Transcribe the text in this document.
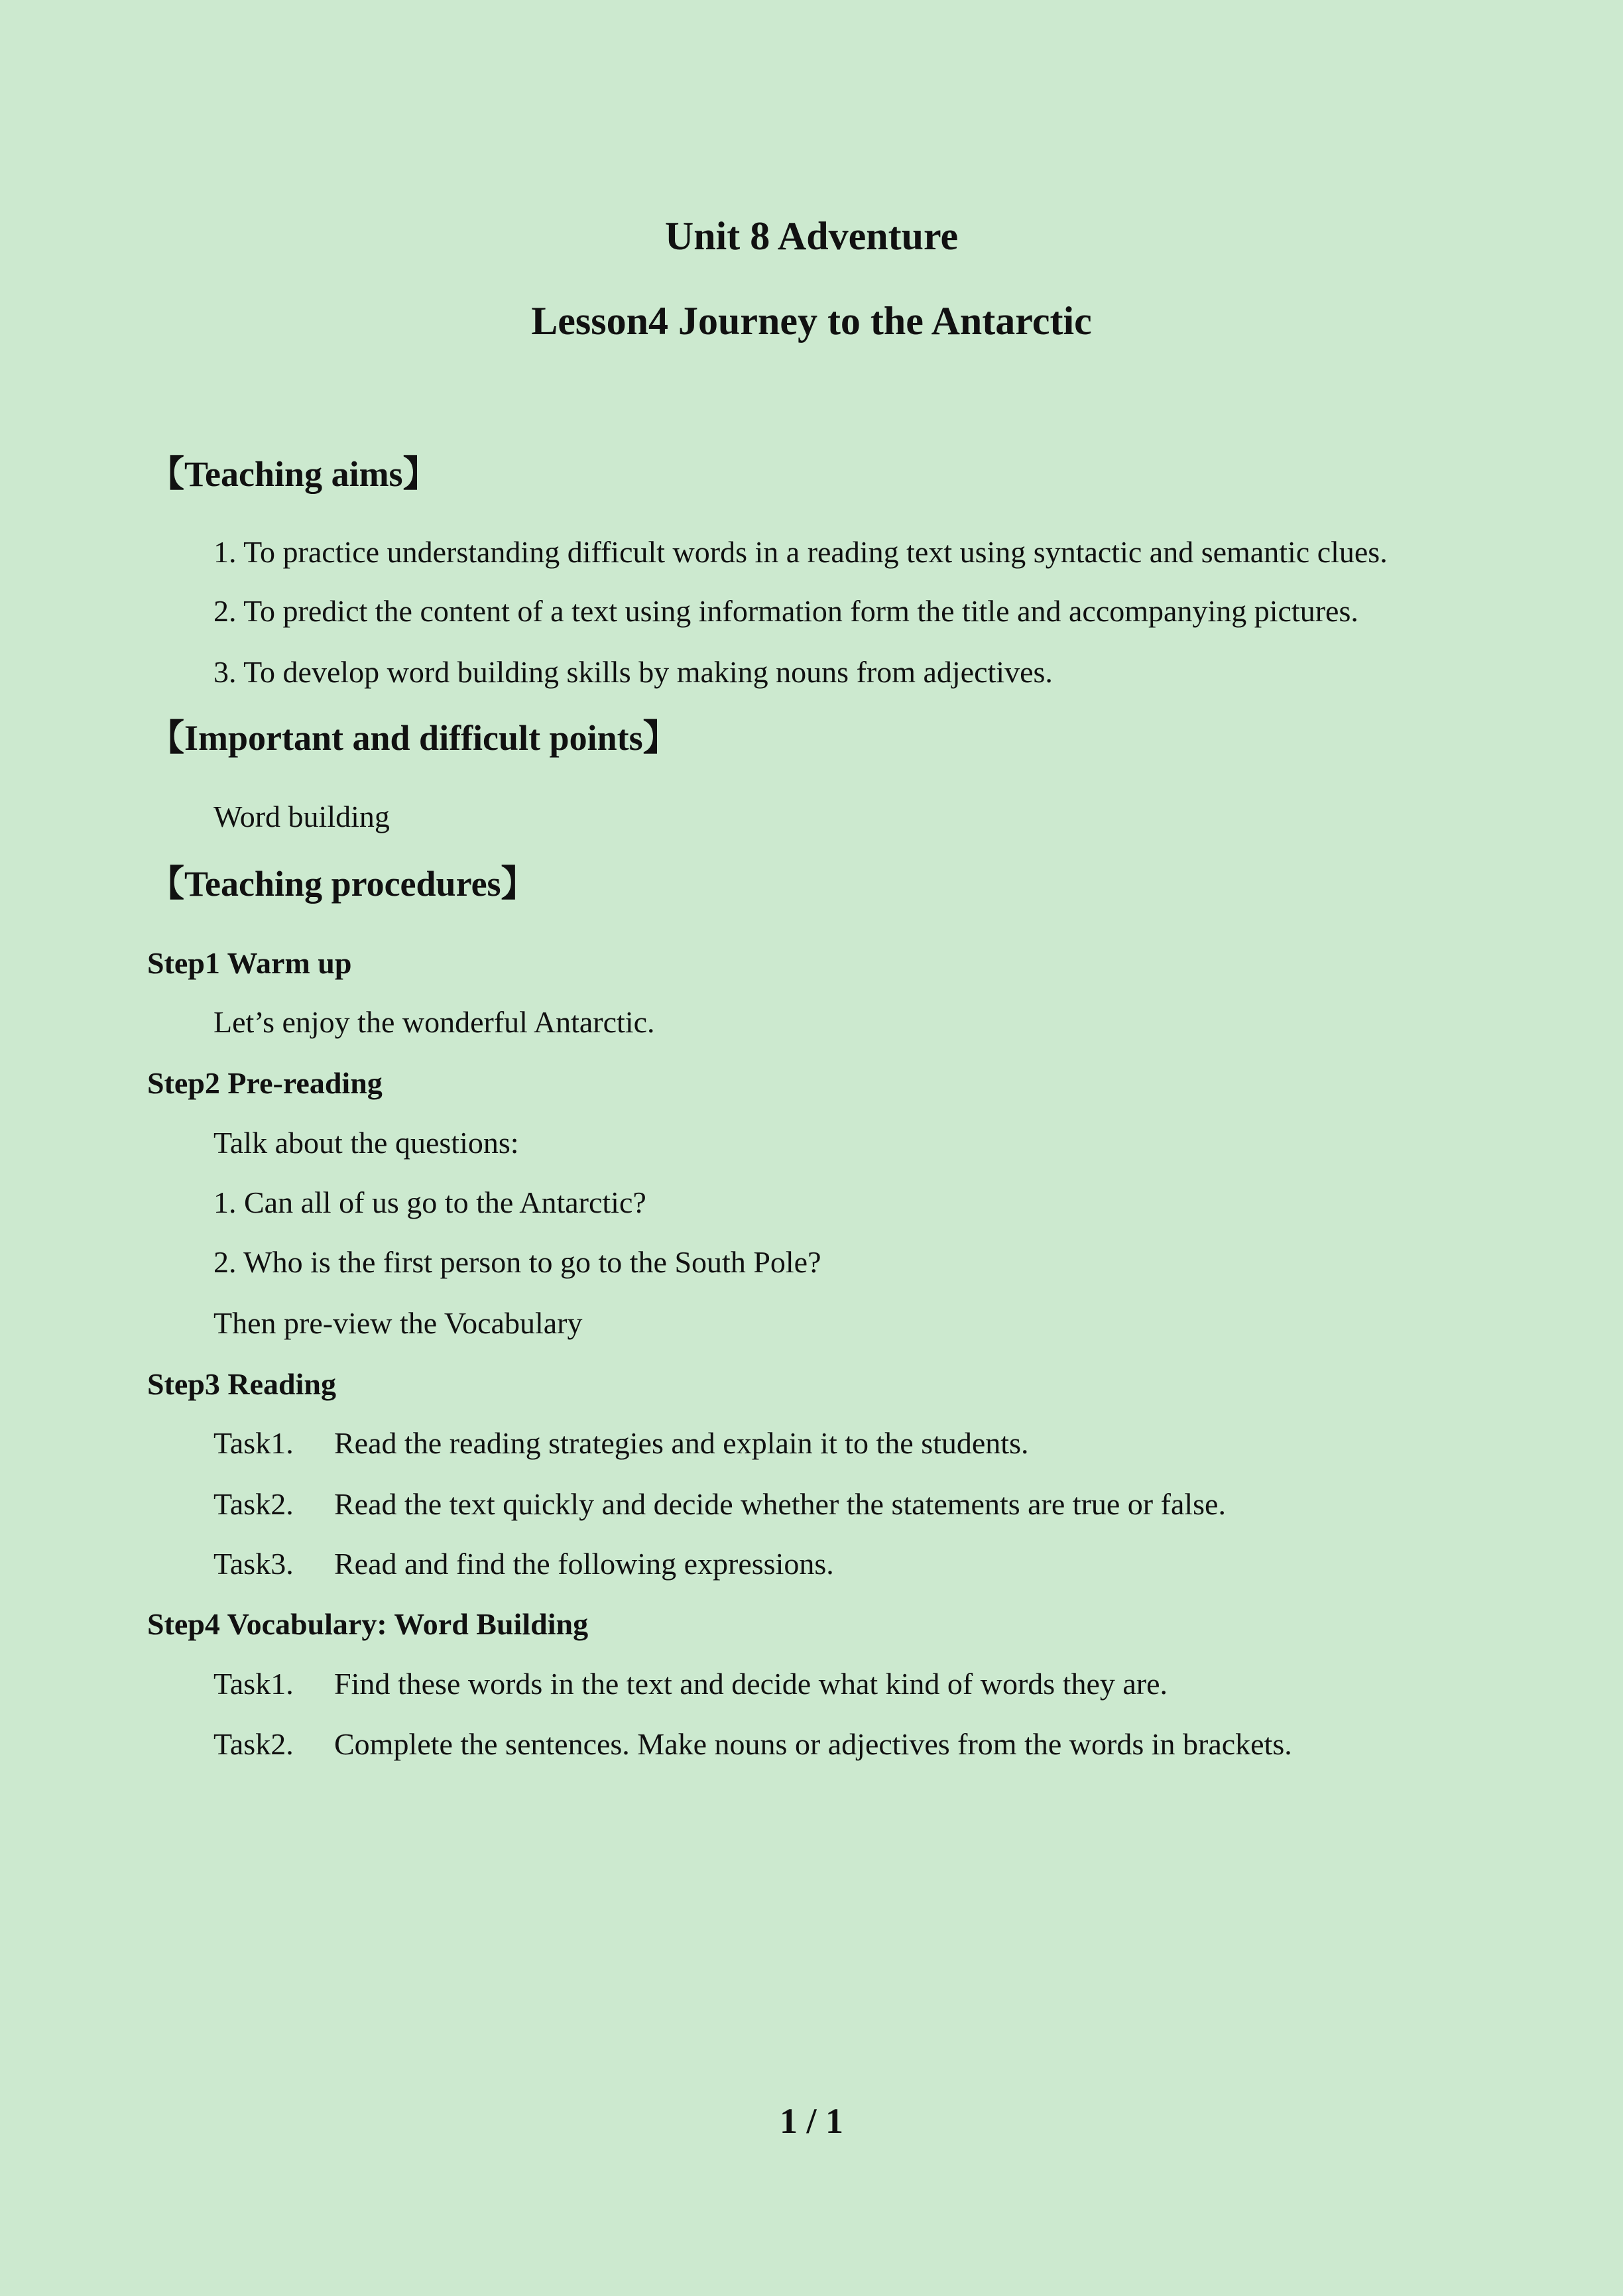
Unit 8 Adventure
Lesson4 Journey to the Antarctic
【Teaching aims】
1. To practice understanding difficult words in a reading text using syntactic and semantic clues.
2. To predict the content of a text using information form the title and accompanying pictures.
3. To develop word building skills by making nouns from adjectives.
【Important and difficult points】
Word building
【Teaching procedures】
Step1 Warm up
Let’s enjoy the wonderful Antarctic.
Step2 Pre-reading
Talk about the questions:
1. Can all of us go to the Antarctic?
2. Who is the first person to go to the South Pole?
Then pre-view the Vocabulary
Step3 Reading
Task1. Read the reading strategies and explain it to the students.
Task2. Read the text quickly and decide whether the statements are true or false.
Task3. Read and find the following expressions.
Step4 Vocabulary: Word Building
Task1. Find these words in the text and decide what kind of words they are.
Task2. Complete the sentences. Make nouns or adjectives from the words in brackets.
1 / 1
